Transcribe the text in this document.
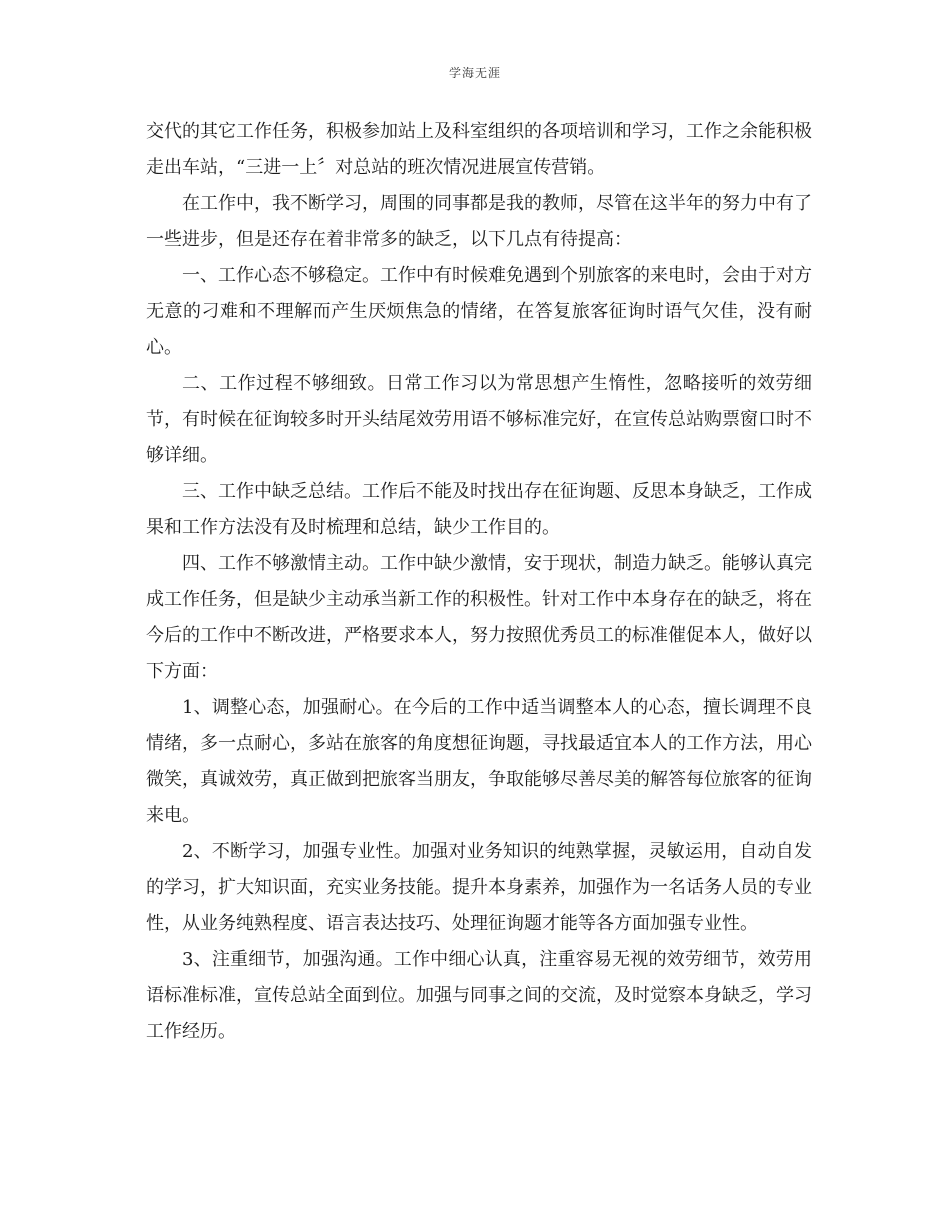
学海无涯

交代的其它工作任务，积极参加站上及科室组织的各项培训和学习，工作之余能积极走出车站，“三进一上〞对总站的班次情况进展宣传营销。

在工作中，我不断学习，周围的同事都是我的教师，尽管在这半年的努力中有了一些进步，但是还存在着非常多的缺乏，以下几点有待提高：

一、工作心态不够稳定。工作中有时候难免遇到个别旅客的来电时，会由于对方无意的刁难和不理解而产生厌烦焦急的情绪，在答复旅客征询时语气欠佳，没有耐心。

二、工作过程不够细致。日常工作习以为常思想产生惰性，忽略接听的效劳细节，有时候在征询较多时开头结尾效劳用语不够标准完好，在宣传总站购票窗口时不够详细。

三、工作中缺乏总结。工作后不能及时找出存在征询题、反思本身缺乏，工作成果和工作方法没有及时梳理和总结，缺少工作目的。

四、工作不够激情主动。工作中缺少激情，安于现状，制造力缺乏。能够认真完成工作任务，但是缺少主动承当新工作的积极性。针对工作中本身存在的缺乏，将在今后的工作中不断改进，严格要求本人，努力按照优秀员工的标准催促本人，做好以下方面：

1、调整心态，加强耐心。在今后的工作中适当调整本人的心态，擅长调理不良情绪，多一点耐心，多站在旅客的角度想征询题，寻找最适宜本人的工作方法，用心微笑，真诚效劳，真正做到把旅客当朋友，争取能够尽善尽美的解答每位旅客的征询来电。

2、不断学习，加强专业性。加强对业务知识的纯熟掌握，灵敏运用，自动自发的学习，扩大知识面，充实业务技能。提升本身素养，加强作为一名话务人员的专业性，从业务纯熟程度、语言表达技巧、处理征询题才能等各方面加强专业性。

3、注重细节，加强沟通。工作中细心认真，注重容易无视的效劳细节，效劳用语标准标准，宣传总站全面到位。加强与同事之间的交流，及时觉察本身缺乏，学习工作经历。
